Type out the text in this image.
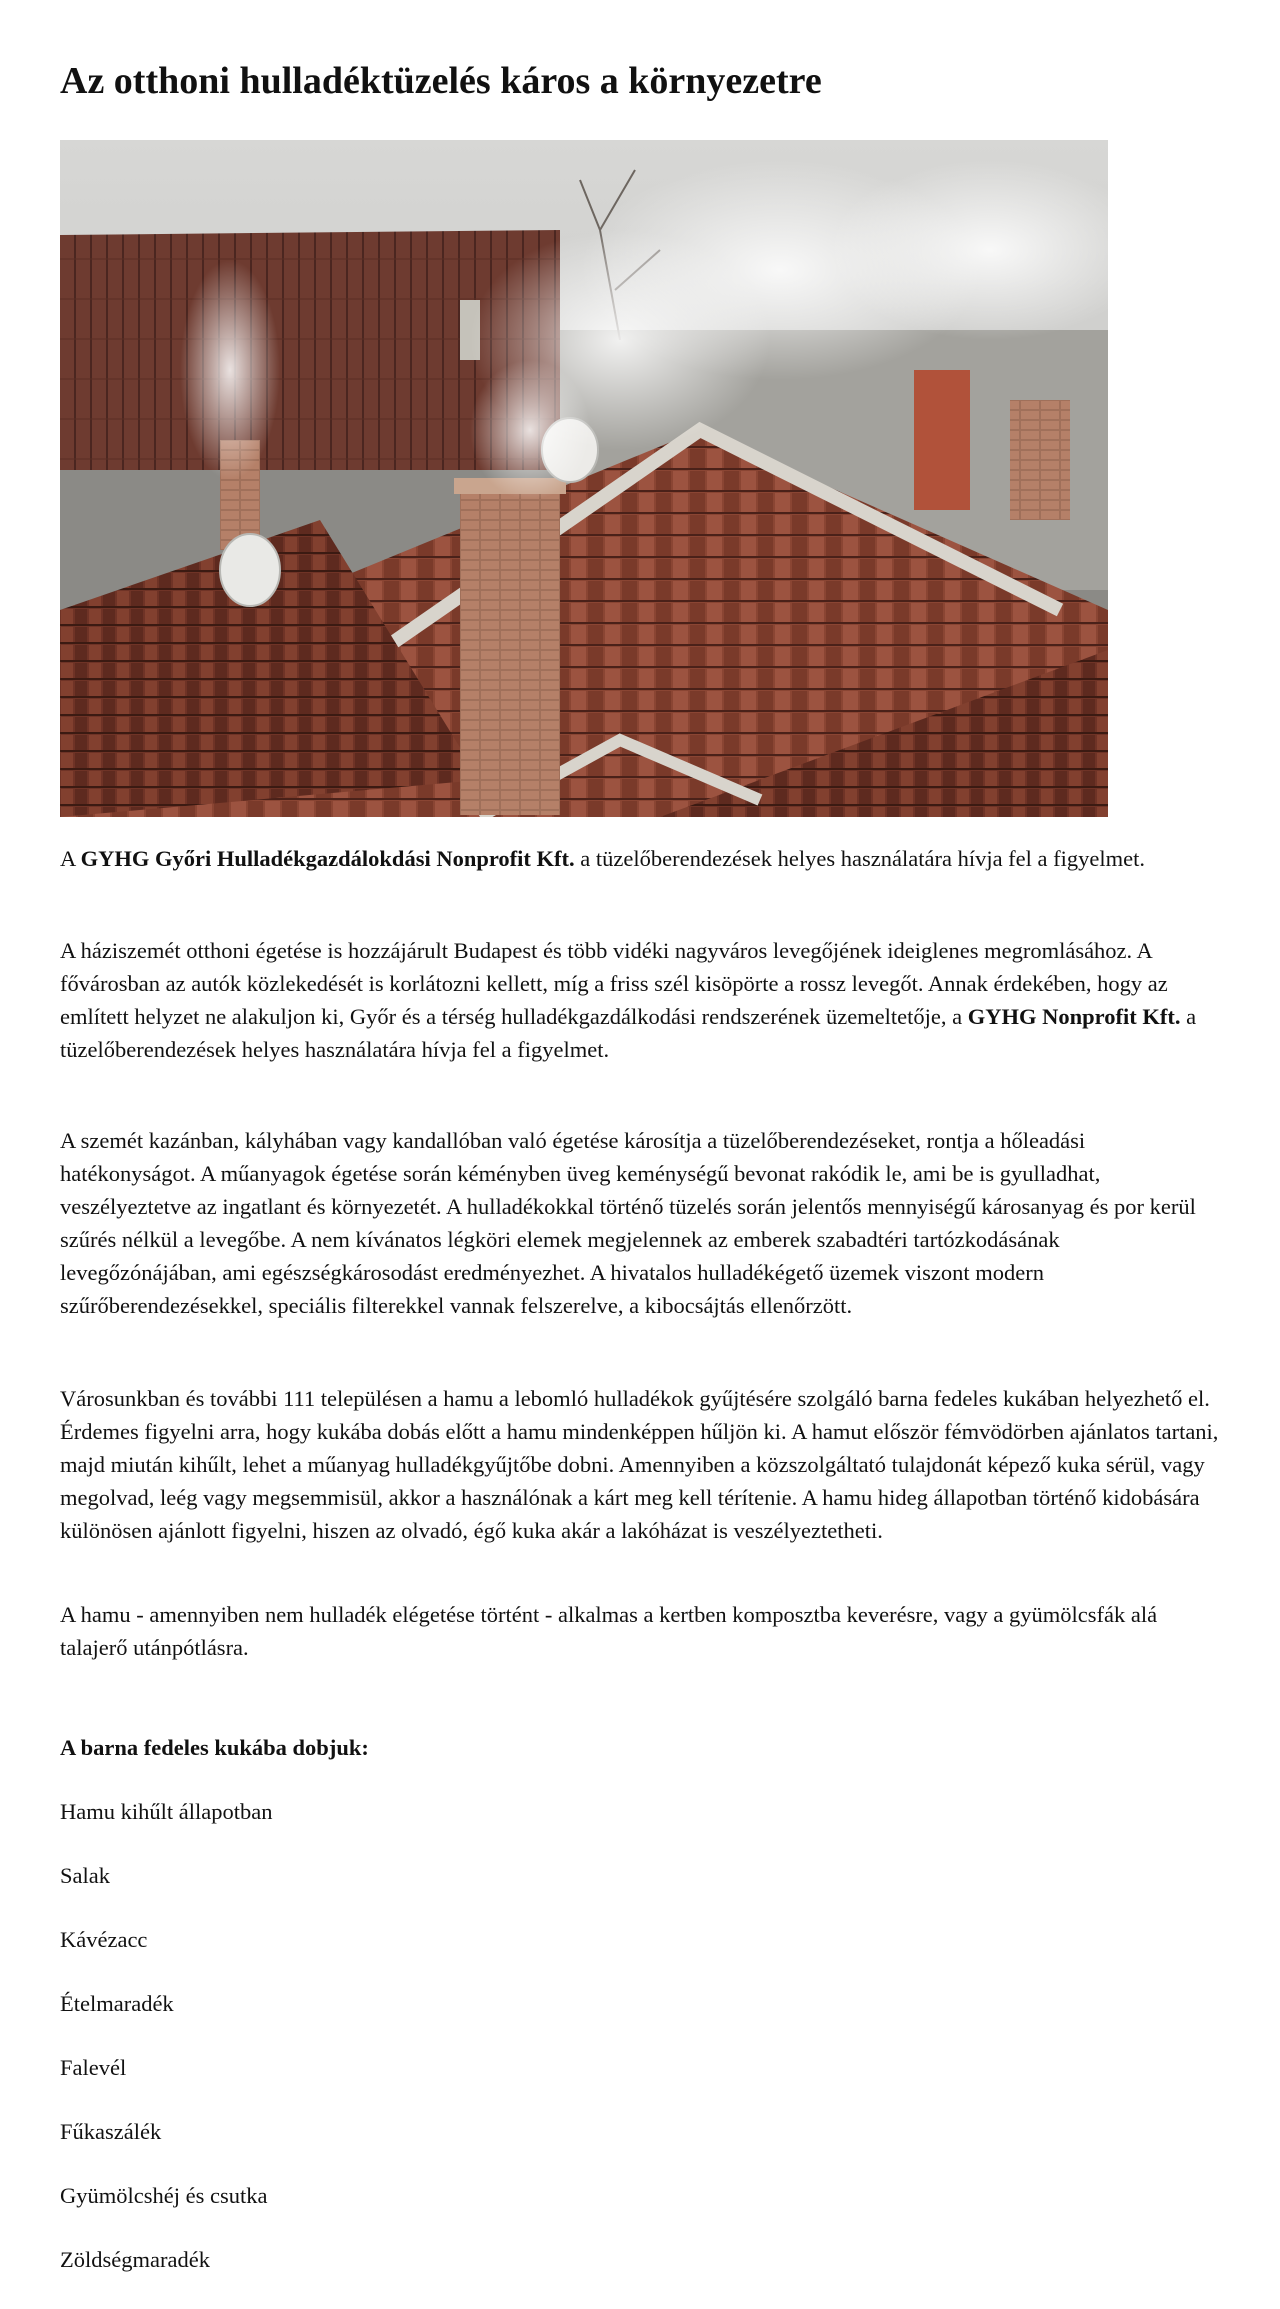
Az otthoni hulladéktüzelés káros a környezetre

A GYHG Győri Hulladékgazdálokdási Nonprofit Kft. a tüzelőberendezések helyes használatára hívja fel a figyelmet.

A háziszemét otthoni égetése is hozzájárult Budapest és több vidéki nagyváros levegőjének ideiglenes megromlásához. A fővárosban az autók közlekedését is korlátozni kellett, míg a friss szél kisöpörte a rossz levegőt. Annak érdekében, hogy az említett helyzet ne alakuljon ki, Győr és a térség hulladékgazdálkodási rendszerének üzemeltetője, a GYHG Nonprofit Kft. a tüzelőberendezések helyes használatára hívja fel a figyelmet.

A szemét kazánban, kályhában vagy kandallóban való égetése károsítja a tüzelőberendezéseket, rontja a hőleadási hatékonyságot. A műanyagok égetése során kéményben üveg keménységű bevonat rakódik le, ami be is gyulladhat, veszélyeztetve az ingatlant és környezetét. A hulladékokkal történő tüzelés során jelentős mennyiségű károsanyag és por kerül szűrés nélkül a levegőbe. A nem kívánatos légköri elemek megjelennek az emberek szabadtéri tartózkodásának levegőzónájában, ami egészségkárosodást eredményezhet. A hivatalos hulladékégető üzemek viszont modern szűrőberendezésekkel, speciális filterekkel vannak felszerelve, a kibocsájtás ellenőrzött.

Városunkban és további 111 településen a hamu a lebomló hulladékok gyűjtésére szolgáló barna fedeles kukában helyezhető el. Érdemes figyelni arra, hogy kukába dobás előtt a hamu mindenképpen hűljön ki. A hamut először fémvödörben ajánlatos tartani, majd miután kihűlt, lehet a műanyag hulladékgyűjtőbe dobni. Amennyiben a közszolgáltató tulajdonát képező kuka sérül, vagy megolvad, leég vagy megsemmisül, akkor a használónak a kárt meg kell térítenie. A hamu hideg állapotban történő kidobására különösen ajánlott figyelni, hiszen az olvadó, égő kuka akár a lakóházat is veszélyeztetheti.

A hamu - amennyiben nem hulladék elégetése történt - alkalmas a kertben komposztba keverésre, vagy a gyümölcsfák alá talajerő utánpótlásra.

A barna fedeles kukába dobjuk:
Hamu kihűlt állapotban
Salak
Kávézacc
Ételmaradék
Falevél
Fűkaszálék
Gyümölcshéj és csutka
Zöldségmaradék
